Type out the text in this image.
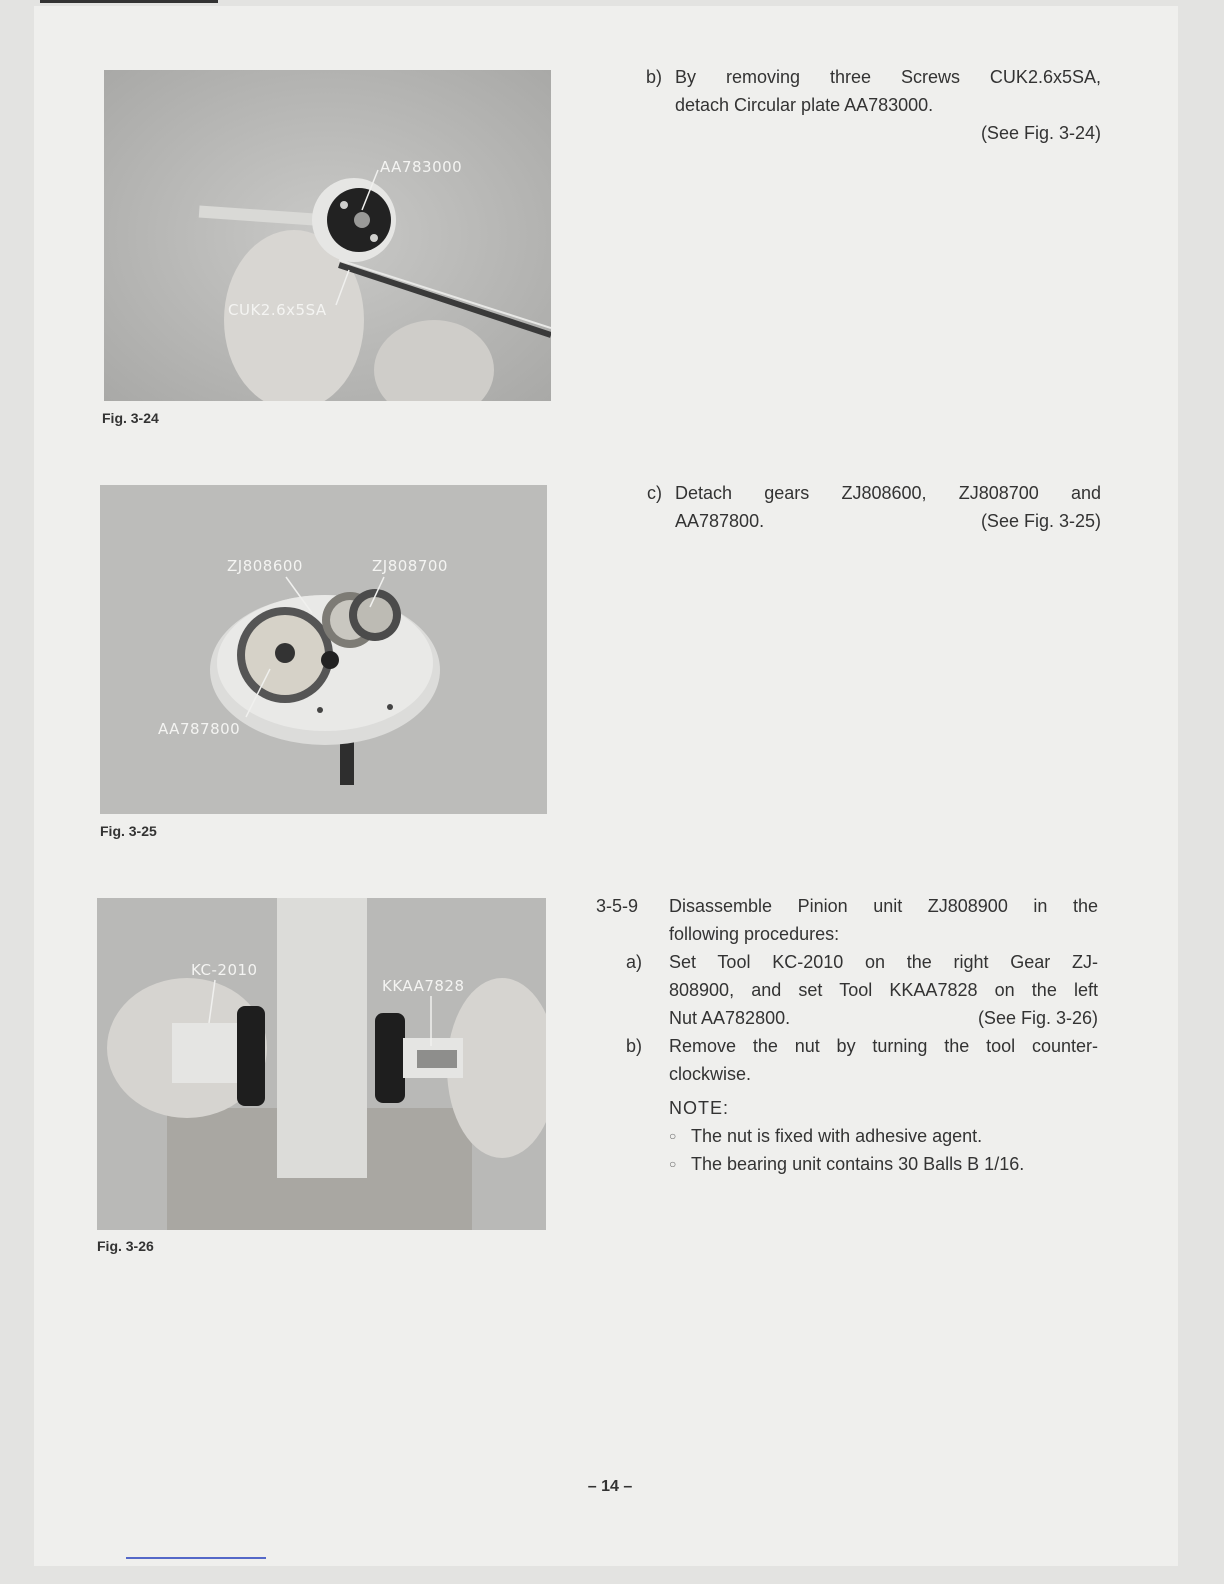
AA783000
CUK2.6x5SA
Fig. 3-24
ZJ808600	ZJ808700
AA787800
Fig. 3-25
KC-2010
KKAA7828
Fig. 3-26
b) By removing three Screws CUK2.6x5SA,
detach Circular plate AA783000.
(See Fig. 3-24)
c) Detach gears ZJ808600, ZJ808700 and
AA787800.	(See Fig. 3-25)
3-5-9 Disassemble Pinion unit ZJ808900 in the
following procedures:
a) Set Tool KC-2010 on the right Gear ZJ-
808900, and set Tool KKAA7828 on the left
Nut AA782800.	(See Fig. 3-26)
b) Remove the nut by turning the tool counter-
clockwise.
NOTE:
○ The nut is fixed with adhesive agent.
○ The bearing unit contains 30 Balls B 1/16.
– 14 –
